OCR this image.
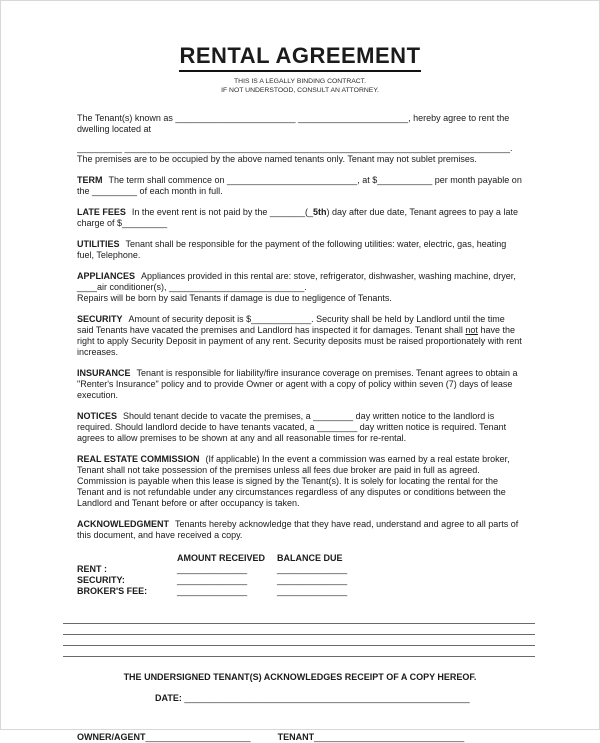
RENTAL AGREEMENT
THIS IS A LEGALLY BINDING CONTRACT.
IF NOT UNDERSTOOD, CONSULT AN ATTORNEY.

The Tenant(s) known as ________________________ ______________________, hereby agree to rent the dwelling located at

_________ _____________________________________________________________________________.

The premises are to be occupied by the above named tenants only. Tenant may not sublet premises.

TERM The term shall commence on __________________________, at $___________ per month payable on the _________ of each month in full.

LATE FEES In the event rent is not paid by the _______(_5th) day after due date, Tenant agrees to pay a late charge of $_________

UTILITIES Tenant shall be responsible for the payment of the following utilities: water, electric, gas, heating fuel, Telephone.

APPLIANCES Appliances provided in this rental are: stove, refrigerator, dishwasher, washing machine, dryer, ____air conditioner(s), ___________________________.

Repairs will be born by said Tenants if damage is due to negligence of Tenants.

SECURITY Amount of security deposit is $____________. Security shall be held by Landlord until the time said Tenants have vacated the premises and Landlord has inspected it for damages. Tenant shall not have the right to apply Security Deposit in payment of any rent. Security deposits must be raised proportionately with rent increases.

INSURANCE Tenant is responsible for liability/fire insurance coverage on premises. Tenant agrees to obtain a "Renter's Insurance" policy and to provide Owner or agent with a copy of policy within seven (7) days of lease execution.

NOTICES Should tenant decide to vacate the premises, a ________ day written notice to the landlord is required. Should landlord decide to have tenants vacated, a ________ day written notice is required. Tenant agrees to allow premises to be shown at any and all reasonable times for re-rental.

REAL ESTATE COMMISSION (If applicable) In the event a commission was earned by a real estate broker, Tenant shall not take possession of the premises unless all fees due broker are paid in full as agreed. Commission is payable when this lease is signed by the Tenant(s). It is solely for locating the rental for the Tenant and is not refundable under any circumstances regardless of any disputes or conditions between the Landlord and Tenant before or after occupancy is taken.

ACKNOWLEDGMENT Tenants hereby acknowledge that they have read, understand and agree to all parts of this document, and have received a copy.

AMOUNT RECEIVED	BALANCE DUE
RENT :	______________	______________
SECURITY:	______________	______________
BROKER'S FEE:	______________	______________
THE UNDERSIGNED TENANT(S) ACKNOWLEDGES RECEIPT OF A COPY HEREOF.
DATE: _________________________________________________________
OWNER/AGENT_____________________	TENANT______________________________
